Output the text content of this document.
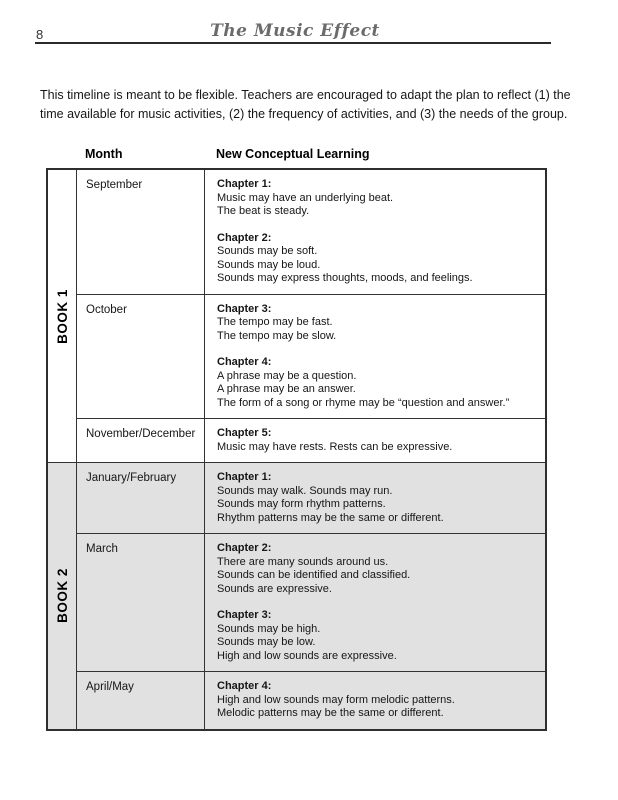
8	The Music Effect

This timeline is meant to be flexible. Teachers are encouraged to adapt the plan to reflect (1) the time available for music activities, (2) the frequency of activities, and (3) the needs of the group.

Month	New Conceptual Learning
BOOK 1
September	Chapter 1:
Music may have an underlying beat.
The beat is steady.
Chapter 2:
Sounds may be soft.
Sounds may be loud.
Sounds may express thoughts, moods, and feelings.
October	Chapter 3:
The tempo may be fast.
The tempo may be slow.
Chapter 4:
A phrase may be a question.
A phrase may be an answer.
The form of a song or rhyme may be “question and answer.”
November/December	Chapter 5:
Music may have rests. Rests can be expressive.
BOOK 2
January/February	Chapter 1:
Sounds may walk. Sounds may run.
Sounds may form rhythm patterns.
Rhythm patterns may be the same or different.
March	Chapter 2:
There are many sounds around us.
Sounds can be identified and classified.
Sounds are expressive.
Chapter 3:
Sounds may be high.
Sounds may be low.
High and low sounds are expressive.
April/May	Chapter 4:
High and low sounds may form melodic patterns.
Melodic patterns may be the same or different.
